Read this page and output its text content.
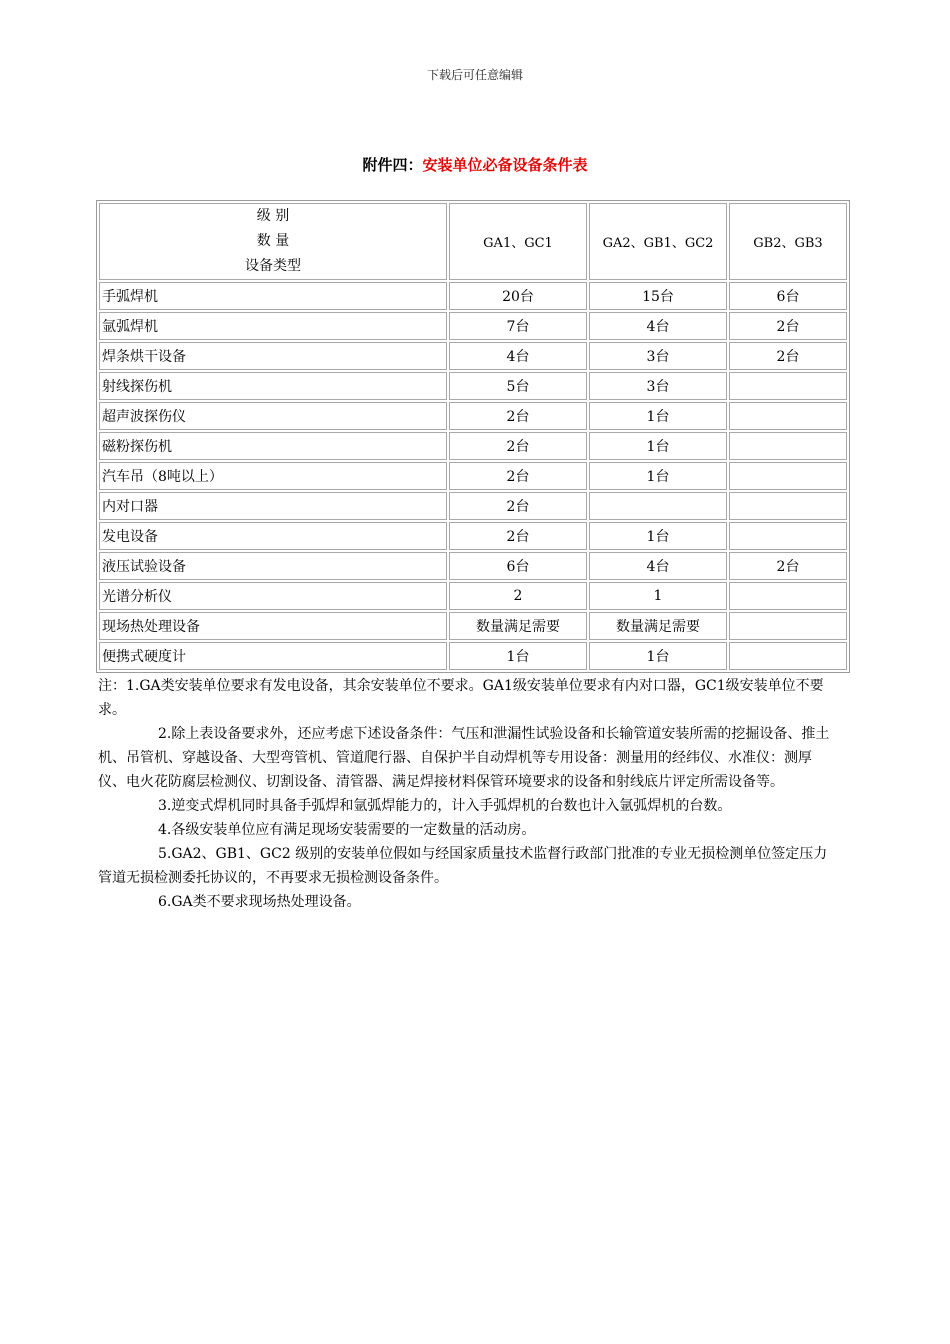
下载后可任意编辑
附件四：安装单位必备设备条件表
级 别
数 量
设备类型	GA1、GC1	GA2、GB1、GC2	GB2、GB3
手弧焊机	20台	15台	6台
氩弧焊机	7台	4台	2台
焊条烘干设备	4台	3台	2台
射线探伤机	5台	3台	
超声波探伤仪	2台	1台	
磁粉探伤机	2台	1台	
汽车吊（8吨以上）	2台	1台	
内对口器	2台		
发电设备	2台	1台	
液压试验设备	6台	4台	2台
光谱分析仪	2	1	
现场热处理设备	数量满足需要	数量满足需要	
便携式硬度计	1台	1台	

注：1.GA类安装单位要求有发电设备，其余安装单位不要求。GA1级安装单位要求有内对口器，GC1级安装单位不要求。

2.除上表设备要求外，还应考虑下述设备条件：气压和泄漏性试验设备和长输管道安装所需的挖掘设备、推土机、吊管机、穿越设备、大型弯管机、管道爬行器、自保护半自动焊机等专用设备：测量用的经纬仪、水准仪：测厚仪、电火花防腐层检测仪、切割设备、清管器、满足焊接材料保管环境要求的设备和射线底片评定所需设备等。

3.逆变式焊机同时具备手弧焊和氩弧焊能力的，计入手弧焊机的台数也计入氩弧焊机的台数。

4.各级安装单位应有满足现场安装需要的一定数量的活动房。

5.GA2、GB1、GC2 级别的安装单位假如与经国家质量技术监督行政部门批准的专业无损检测单位签定压力管道无损检测委托协议的，不再要求无损检测设备条件。

6.GA类不要求现场热处理设备。
